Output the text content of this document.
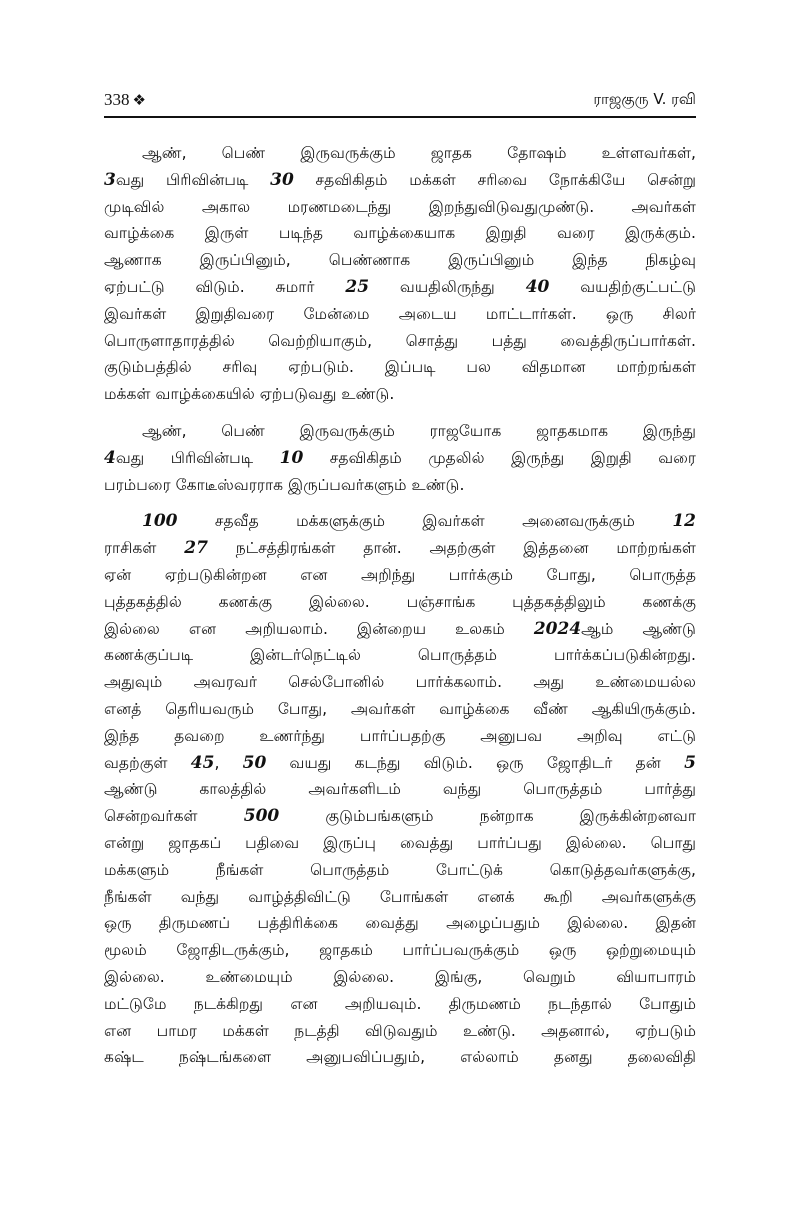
338 ❖	ராஜகுரு V. ரவி
ஆண், பெண் இருவருக்கும் ஜாதக தோஷம் உள்ளவர்கள்,
3வது பிரிவின்படி 30 சதவிகிதம் மக்கள் சரிவை நோக்கியே சென்று
முடிவில் அகால மரணமடைந்து இறந்துவிடுவதுமுண்டு. அவர்கள்
வாழ்க்கை இருள் படிந்த வாழ்க்கையாக இறுதி வரை இருக்கும்.
ஆணாக இருப்பினும், பெண்ணாக இருப்பினும் இந்த நிகழ்வு
ஏற்பட்டு விடும். சுமார் 25 வயதிலிருந்து 40 வயதிற்குட்பட்டு
இவர்கள் இறுதிவரை மேன்மை அடைய மாட்டார்கள். ஒரு சிலர்
பொருளாதாரத்தில் வெற்றியாகும், சொத்து பத்து வைத்திருப்பார்கள்.
குடும்பத்தில் சரிவு ஏற்படும். இப்படி பல விதமான மாற்றங்கள்
மக்கள் வாழ்க்கையில் ஏற்படுவது உண்டு.
ஆண், பெண் இருவருக்கும் ராஜயோக ஜாதகமாக இருந்து
4வது பிரிவின்படி 10 சதவிகிதம் முதலில் இருந்து இறுதி வரை
பரம்பரை கோடீஸ்வரராக இருப்பவர்களும் உண்டு.
100 சதவீத மக்களுக்கும் இவர்கள் அனைவருக்கும் 12
ராசிகள் 27 நட்சத்திரங்கள் தான். அதற்குள் இத்தனை மாற்றங்கள்
ஏன் ஏற்படுகின்றன என அறிந்து பார்க்கும் போது, பொருத்த
புத்தகத்தில் கணக்கு இல்லை. பஞ்சாங்க புத்தகத்திலும் கணக்கு
இல்லை என அறியலாம். இன்றைய உலகம் 2024ஆம் ஆண்டு
கணக்குப்படி இன்டர்நெட்டில் பொருத்தம் பார்க்கப்படுகின்றது.
அதுவும் அவரவர் செல்போனில் பார்க்கலாம். அது உண்மையல்ல
எனத் தெரியவரும் போது, அவர்கள் வாழ்க்கை வீண் ஆகியிருக்கும்.
இந்த தவறை உணர்ந்து பார்ப்பதற்கு அனுபவ அறிவு எட்டு
வதற்குள் 45, 50 வயது கடந்து விடும். ஒரு ஜோதிடர் தன் 5
ஆண்டு காலத்தில் அவர்களிடம் வந்து பொருத்தம் பார்த்து
சென்றவர்கள் 500 குடும்பங்களும் நன்றாக இருக்கின்றனவா
என்று ஜாதகப் பதிவை இருப்பு வைத்து பார்ப்பது இல்லை. பொது
மக்களும் நீங்கள் பொருத்தம் போட்டுக் கொடுத்தவர்களுக்கு,
நீங்கள் வந்து வாழ்த்திவிட்டு போங்கள் எனக் கூறி அவர்களுக்கு
ஒரு திருமணப் பத்திரிக்கை வைத்து அழைப்பதும் இல்லை. இதன்
மூலம் ஜோதிடருக்கும், ஜாதகம் பார்ப்பவருக்கும் ஒரு ஒற்றுமையும்
இல்லை. உண்மையும் இல்லை. இங்கு, வெறும் வியாபாரம்
மட்டுமே நடக்கிறது என அறியவும். திருமணம் நடந்தால் போதும்
என பாமர மக்கள் நடத்தி விடுவதும் உண்டு. அதனால், ஏற்படும்
கஷ்ட நஷ்டங்களை அனுபவிப்பதும், எல்லாம் தனது தலைவிதி
